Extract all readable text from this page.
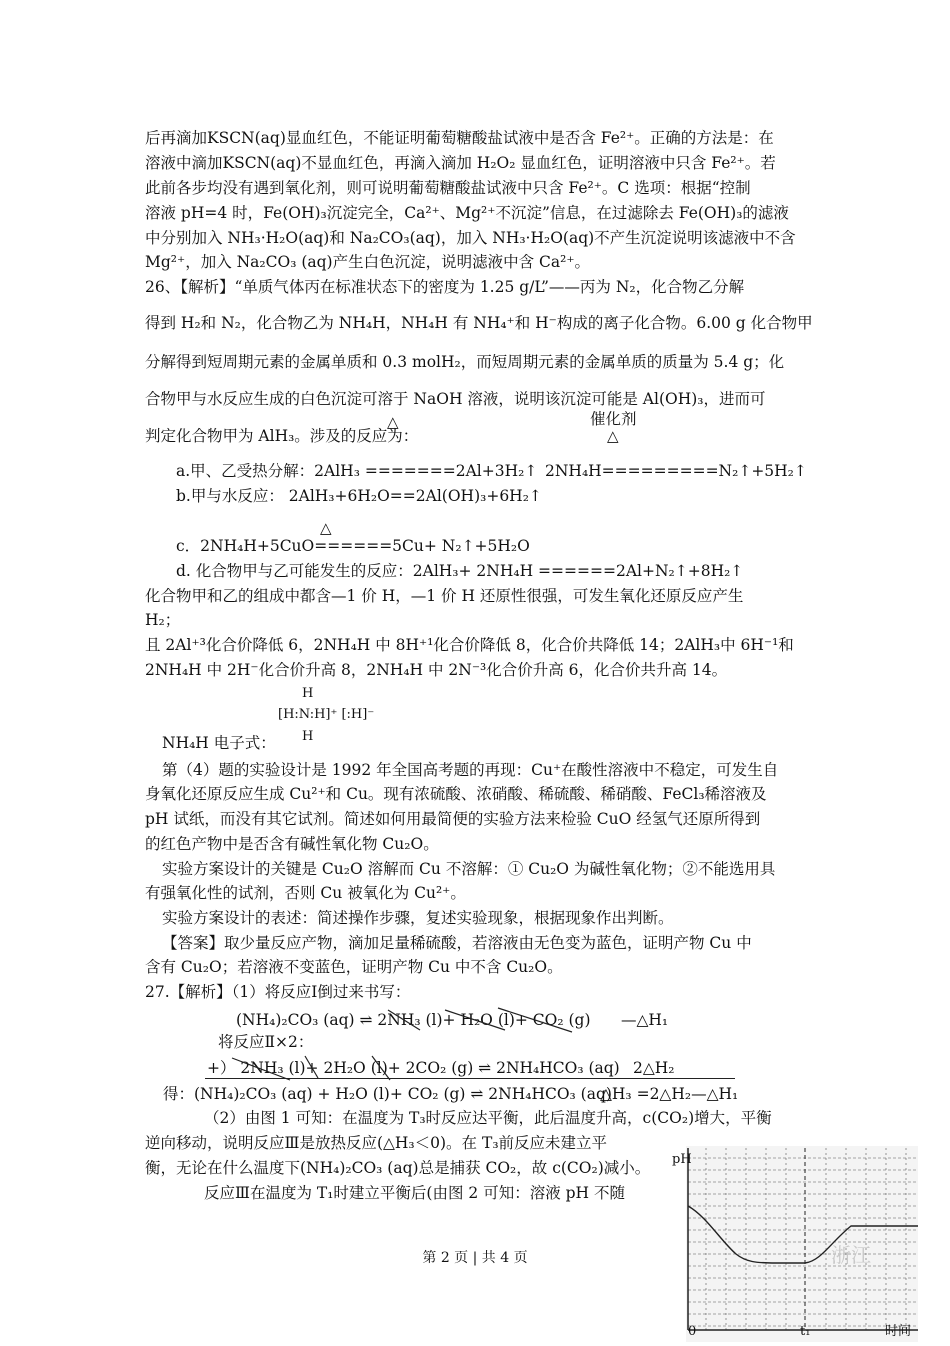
后再滴加KSCN(aq)显血红色，不能证明葡萄糖酸盐试液中是否含 Fe²⁺。正确的方法是：在
溶液中滴加KSCN(aq)不显血红色，再滴入滴加 H₂O₂ 显血红色，证明溶液中只含 Fe²⁺。若
此前各步均没有遇到氧化剂，则可说明葡萄糖酸盐试液中只含 Fe²⁺。C 选项：根据“控制
溶液 pH=4 时，Fe(OH)₃沉淀完全，Ca²⁺、Mg²⁺不沉淀”信息，在过滤除去 Fe(OH)₃的滤液
中分别加入 NH₃·H₂O(aq)和 Na₂CO₃(aq)，加入 NH₃·H₂O(aq)不产生沉淀说明该滤液中不含
Mg²⁺，加入 Na₂CO₃ (aq)产生白色沉淀，说明滤液中含 Ca²⁺。
26、【解析】“单质气体丙在标准状态下的密度为 1.25 g/L”——丙为 N₂，化合物乙分解
得到 H₂和 N₂，化合物乙为 NH₄H，NH₄H 有 NH₄⁺和 H⁻构成的离子化合物。6.00 g 化合物甲
分解得到短周期元素的金属单质和 0.3 molH₂，而短周期元素的金属单质的质量为 5.4 g；化
合物甲与水反应生成的白色沉淀可溶于 NaOH 溶液，说明该沉淀可能是 Al(OH)₃，进而可
△	催化剂
△
判定化合物甲为 AlH₃。涉及的反应为：
a.甲、乙受热分解：2AlH₃ =======2Al+3H₂↑ 2NH₄H=========N₂↑+5H₂↑
b.甲与水反应： 2AlH₃+6H₂O==2Al(OH)₃+6H₂↑
△
c．2NH₄H+5CuO======5Cu+ N₂↑+5H₂O
d. 化合物甲与乙可能发生的反应：2AlH₃+ 2NH₄H ======2Al+N₂↑+8H₂↑
化合物甲和乙的组成中都含—1 价 H，—1 价 H 还原性很强，可发生氧化还原反应产生
H₂；
且 2Al⁺³化合价降低 6，2NH₄H 中 8H⁺¹化合价降低 8，化合价共降低 14；2AlH₃中 6H⁻¹和
2NH₄H 中 2H⁻化合价升高 8，2NH₄H 中 2N⁻³化合价升高 6，化合价共升高 14。
H
[H:N:H]⁺ [:H]⁻
H
NH₄H 电子式：
第（4）题的实验设计是 1992 年全国高考题的再现：Cu⁺在酸性溶液中不稳定，可发生自
身氧化还原反应生成 Cu²⁺和 Cu。现有浓硫酸、浓硝酸、稀硫酸、稀硝酸、FeCl₃稀溶液及
pH 试纸，而没有其它试剂。简述如何用最简便的实验方法来检验 CuO 经氢气还原所得到
的红色产物中是否含有碱性氧化物 Cu₂O。
实验方案设计的关键是 Cu₂O 溶解而 Cu 不溶解：① Cu₂O 为碱性氧化物；②不能选用具
有强氧化性的试剂，否则 Cu 被氧化为 Cu²⁺。
实验方案设计的表述：简述操作步骤，复述实验现象，根据现象作出判断。
【答案】取少量反应产物，滴加足量稀硫酸，若溶液由无色变为蓝色，证明产物 Cu 中
含有 Cu₂O；若溶液不变蓝色，证明产物 Cu 中不含 Cu₂O。
27.【解析】（1）将反应Ⅰ倒过来书写：
(NH₄)₂CO₃ (aq) ⇌ 2NH₃ (l)+ H₂O (l)+ CO₂ (g) —△H₁
将反应Ⅱ×2：
+） 2NH₃ (l)+ 2H₂O (l)+ 2CO₂ (g) ⇌ 2NH₄HCO₃ (aq) 2△H₂
得：(NH₄)₂CO₃ (aq) + H₂O (l)+ CO₂ (g) ⇌ 2NH₄HCO₃ (aq)
△H₃ =2△H₂—△H₁
（2）由图 1 可知：在温度为 T₃时反应达平衡，此后温度升高，c(CO₂)增大，平衡
逆向移动，说明反应Ⅲ是放热反应(△H₃＜0)。在 T₃前反应未建立平
衡，无论在什么温度下(NH₄)₂CO₃ (aq)总是捕获 CO₂，故 c(CO₂)减小。
反应Ⅲ在温度为 T₁时建立平衡后(由图 2 可知：溶液 pH 不随
浙江
pH
0	t₁	时间
第 2 页 | 共 4 页
